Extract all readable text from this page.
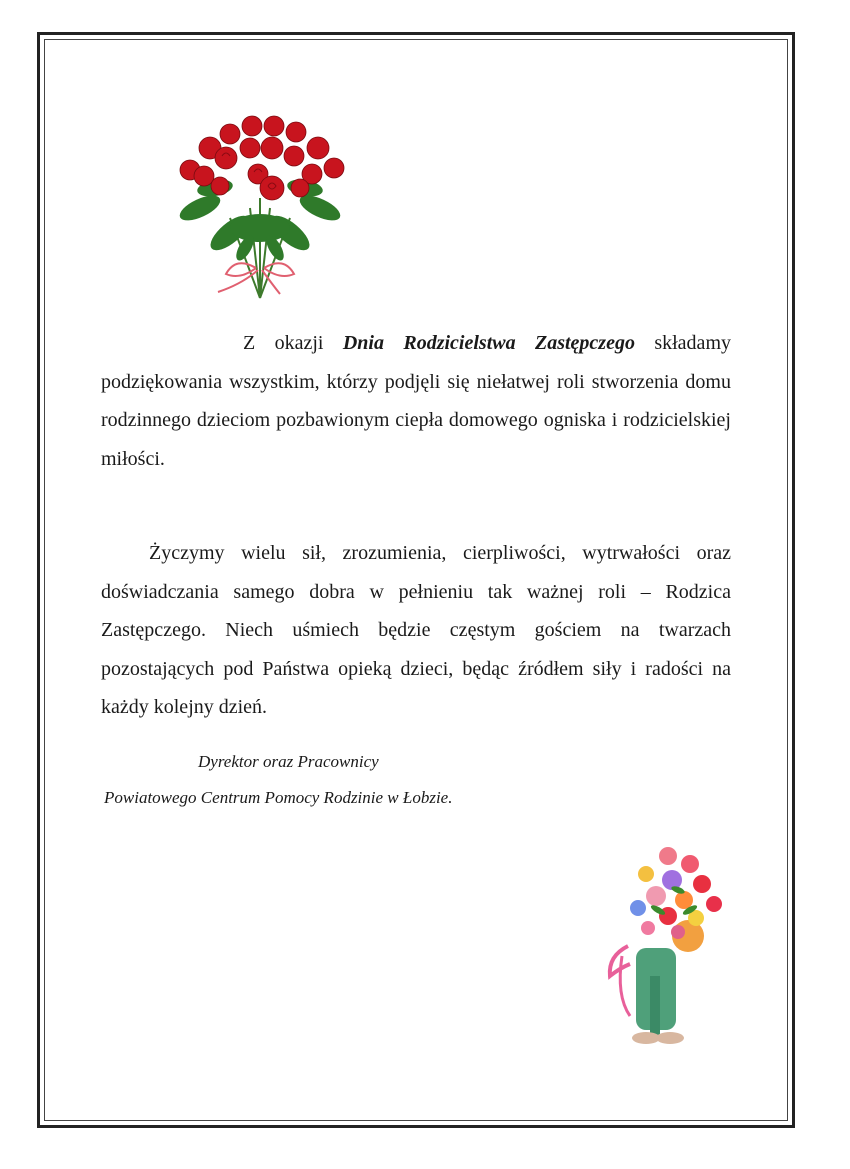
Z okazji Dnia Rodzicielstwa Zastępczego składamy podziękowania wszystkim, którzy podjęli się niełatwej roli stworzenia domu rodzinnego dzieciom pozbawionym ciepła domowego ogniska i rodzicielskiej miłości.
Życzymy wielu sił, zrozumienia, cierpliwości, wytrwałości oraz doświadczania samego dobra w pełnieniu tak ważnej roli – Rodzica Zastępczego. Niech uśmiech będzie częstym gościem na twarzach pozostających pod Państwa opieką dzieci, będąc źródłem siły i radości na każdy kolejny dzień.
Dyrektor oraz Pracownicy
Powiatowego Centrum Pomocy Rodzinie w Łobzie.
